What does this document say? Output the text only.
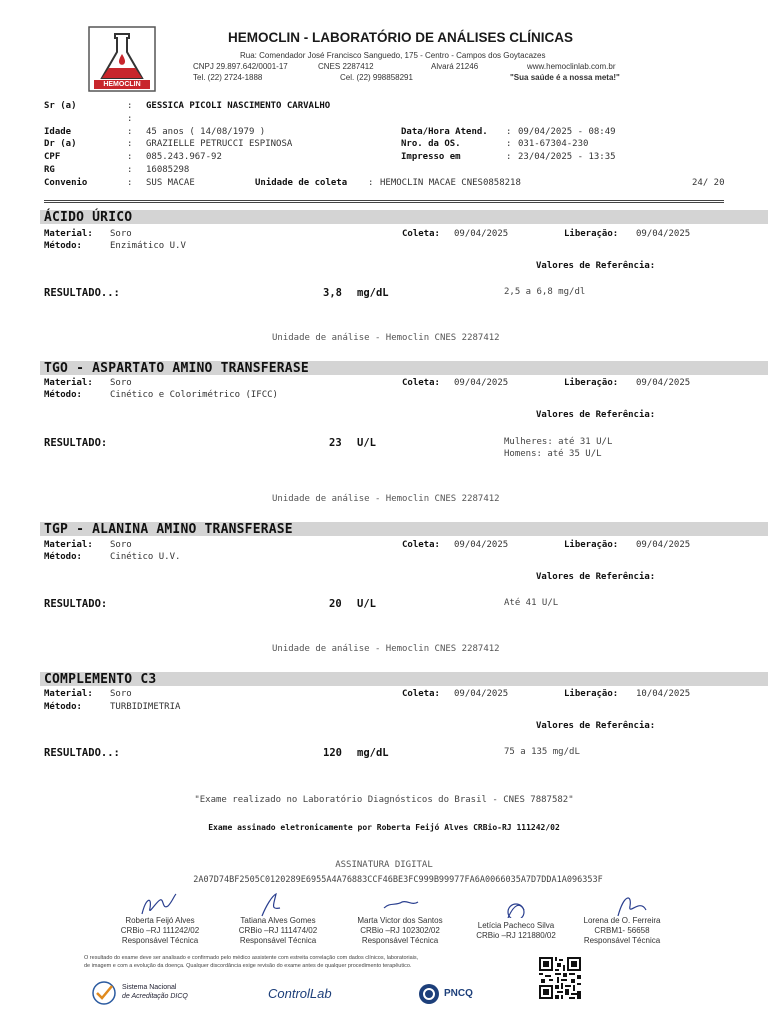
HEMOCLIN
HEMOCLIN - LABORATÓRIO DE ANÁLISES CLÍNICAS
Rua: Comendador José Francisco Sanguedo, 175 - Centro - Campos dos Goytacazes
CNPJ 29.897.642/0001-17	CNES 2287412	Alvará 21246	www.hemoclinlab.com.br
Tel. (22) 2724-1888	Cel. (22) 998858291	"Sua saúde é a nossa meta!"
Sr (a)	: GESSICA PICOLI NASCIMENTO CARVALHO
:
Idade	: 45 anos ( 14/08/1979 )
Dr (a)	: GRAZIELLE PETRUCCI ESPINOSA
CPF	: 085.243.967-92
RG	: 16085298
Convenio	: SUS MACAE	Unidade de coleta : HEMOCLIN MACAE CNES0858218	24/ 20
Data/Hora Atend. : 09/04/2025 - 08:49
Nro. da OS.	: 031-67304-230
Impresso em	: 23/04/2025 - 13:35
ÁCIDO ÚRICO
Material: Soro	Coleta: 09/04/2025	Liberação: 09/04/2025
Método:	Enzimático U.V
Valores de Referência:
RESULTADO..:	3,8 mg/dL	2,5 a 6,8 mg/dl
Unidade de análise - Hemoclin CNES 2287412
TGO - ASPARTATO AMINO TRANSFERASE
Material: Soro	Coleta: 09/04/2025	Liberação: 09/04/2025
Método:	Cinético e Colorimétrico (IFCC)
Valores de Referência:
RESULTADO:	23 U/L	Mulheres: até 31 U/L
Homens: até 35 U/L
Unidade de análise - Hemoclin CNES 2287412
TGP - ALANINA AMINO TRANSFERASE
Material: Soro	Coleta: 09/04/2025	Liberação: 09/04/2025
Método:	Cinético U.V.
Valores de Referência:
RESULTADO:	20 U/L	Até 41 U/L
Unidade de análise - Hemoclin CNES 2287412
COMPLEMENTO C3
Material: Soro	Coleta: 09/04/2025	Liberação: 10/04/2025
Método:	TURBIDIMETRIA
Valores de Referência:
RESULTADO..:	120 mg/dL	75 a 135 mg/dL
"Exame realizado no Laboratório Diagnósticos do Brasil - CNES 7887582"
Exame assinado eletronicamente por Roberta Feijó Alves CRBio-RJ 111242/02
ASSINATURA DIGITAL
2A07D74BF2505C0120289E6955A4A76883CCF46BE3FC999B99977FA6A0066035A7D7DDA1A096353F
Roberta Feijó Alves
CRBio –RJ 111242/02
Responsável Técnica
Tatiana Alves Gomes
CRBio –RJ 111474/02
Responsável Técnica
Marta Victor dos Santos
CRBio –RJ 102302/02
Responsável Técnica
Letícia Pacheco Silva
CRBio –RJ 121880/02
Lorena de O. Ferreira
CRBM1- 56658
Responsável Técnica
O resultado do exame deve ser analisado e confirmado pelo médico assistente com estreita correlação com dados clínicos, laboratoriais,
de imagem e com a evolução da doença. Qualquer discordância exige revisão do exame antes de qualquer procedimento terapêutico.
Sistema Nacional
de Acreditação DICQ	ControlLab	PNCQ
